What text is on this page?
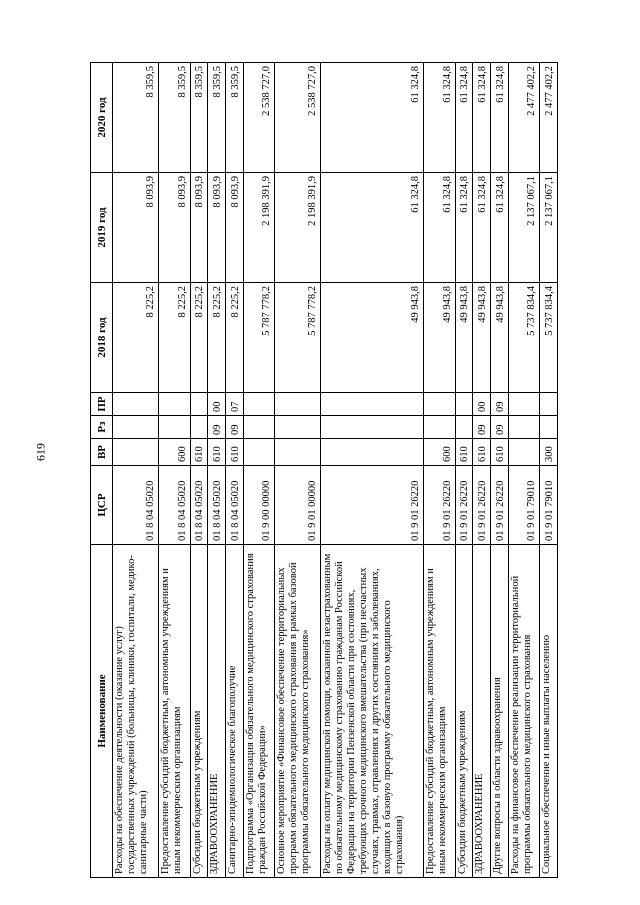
619
Наименование	ЦСР	ВР	Рз	ПР	2018 год	2019 год	2020 год
Расходы на обеспечение деятельности (оказание услуг) государственных учреждений (больницы, клиники, госпитали, медико-санитарные части)	01 8 04 05020				8 225,2	8 093,9	8 359,5
Предоставление субсидий бюджетным, автономным учреждениям и иным некоммерческим организациям	01 8 04 05020	600			8 225,2	8 093,9	8 359,5
Субсидии бюджетным учреждениям	01 8 04 05020	610			8 225,2	8 093,9	8 359,5
ЗДРАВООХРАНЕНИЕ	01 8 04 05020	610	09	00	8 225,2	8 093,9	8 359,5
Санитарно-эпидемиологическое благополучие	01 8 04 05020	610	09	07	8 225,2	8 093,9	8 359,5
Подпрограмма «Организация обязательного медицинского страхования граждан Российской Федерации»	01 9 00 00000				5 787 778,2	2 198 391,9	2 538 727,0
Основное мероприятие «Финансовое обеспечение территориальных программ обязательного медицинского страхования в рамках базовой программы обязательного медицинского страхования»	01 9 01 00000				5 787 778,2	2 198 391,9	2 538 727,0
Расходы на оплату медицинской помощи, оказанной незастрахованным по обязательному медицинскому страхованию гражданам Российской Федерации на территории Пензенской области при состояниях, требующих срочного медицинского вмешательства (при несчастных случаях, травмах, отравлениях и других состояниях и заболеваниях, входящих в базовую программу обязательного медицинского страхования)	01 9 01 26220				49 943,8	61 324,8	61 324,8
Предоставление субсидий бюджетным, автономным учреждениям и иным некоммерческим организациям	01 9 01 26220	600			49 943,8	61 324,8	61 324,8
Субсидии бюджетным учреждениям	01 9 01 26220	610			49 943,8	61 324,8	61 324,8
ЗДРАВООХРАНЕНИЕ	01 9 01 26220	610	09	00	49 943,8	61 324,8	61 324,8
Другие вопросы в области здравоохранения	01 9 01 26220	610	09	09	49 943,8	61 324,8	61 324,8
Расходы на финансовое обеспечение реализации территориальной программы обязательного медицинского страхования	01 9 01 79010				5 737 834,4	2 137 067,1	2 477 402,2
Социальное обеспечение и иные выплаты населению	01 9 01 79010	300			5 737 834,4	2 137 067,1	2 477 402,2
